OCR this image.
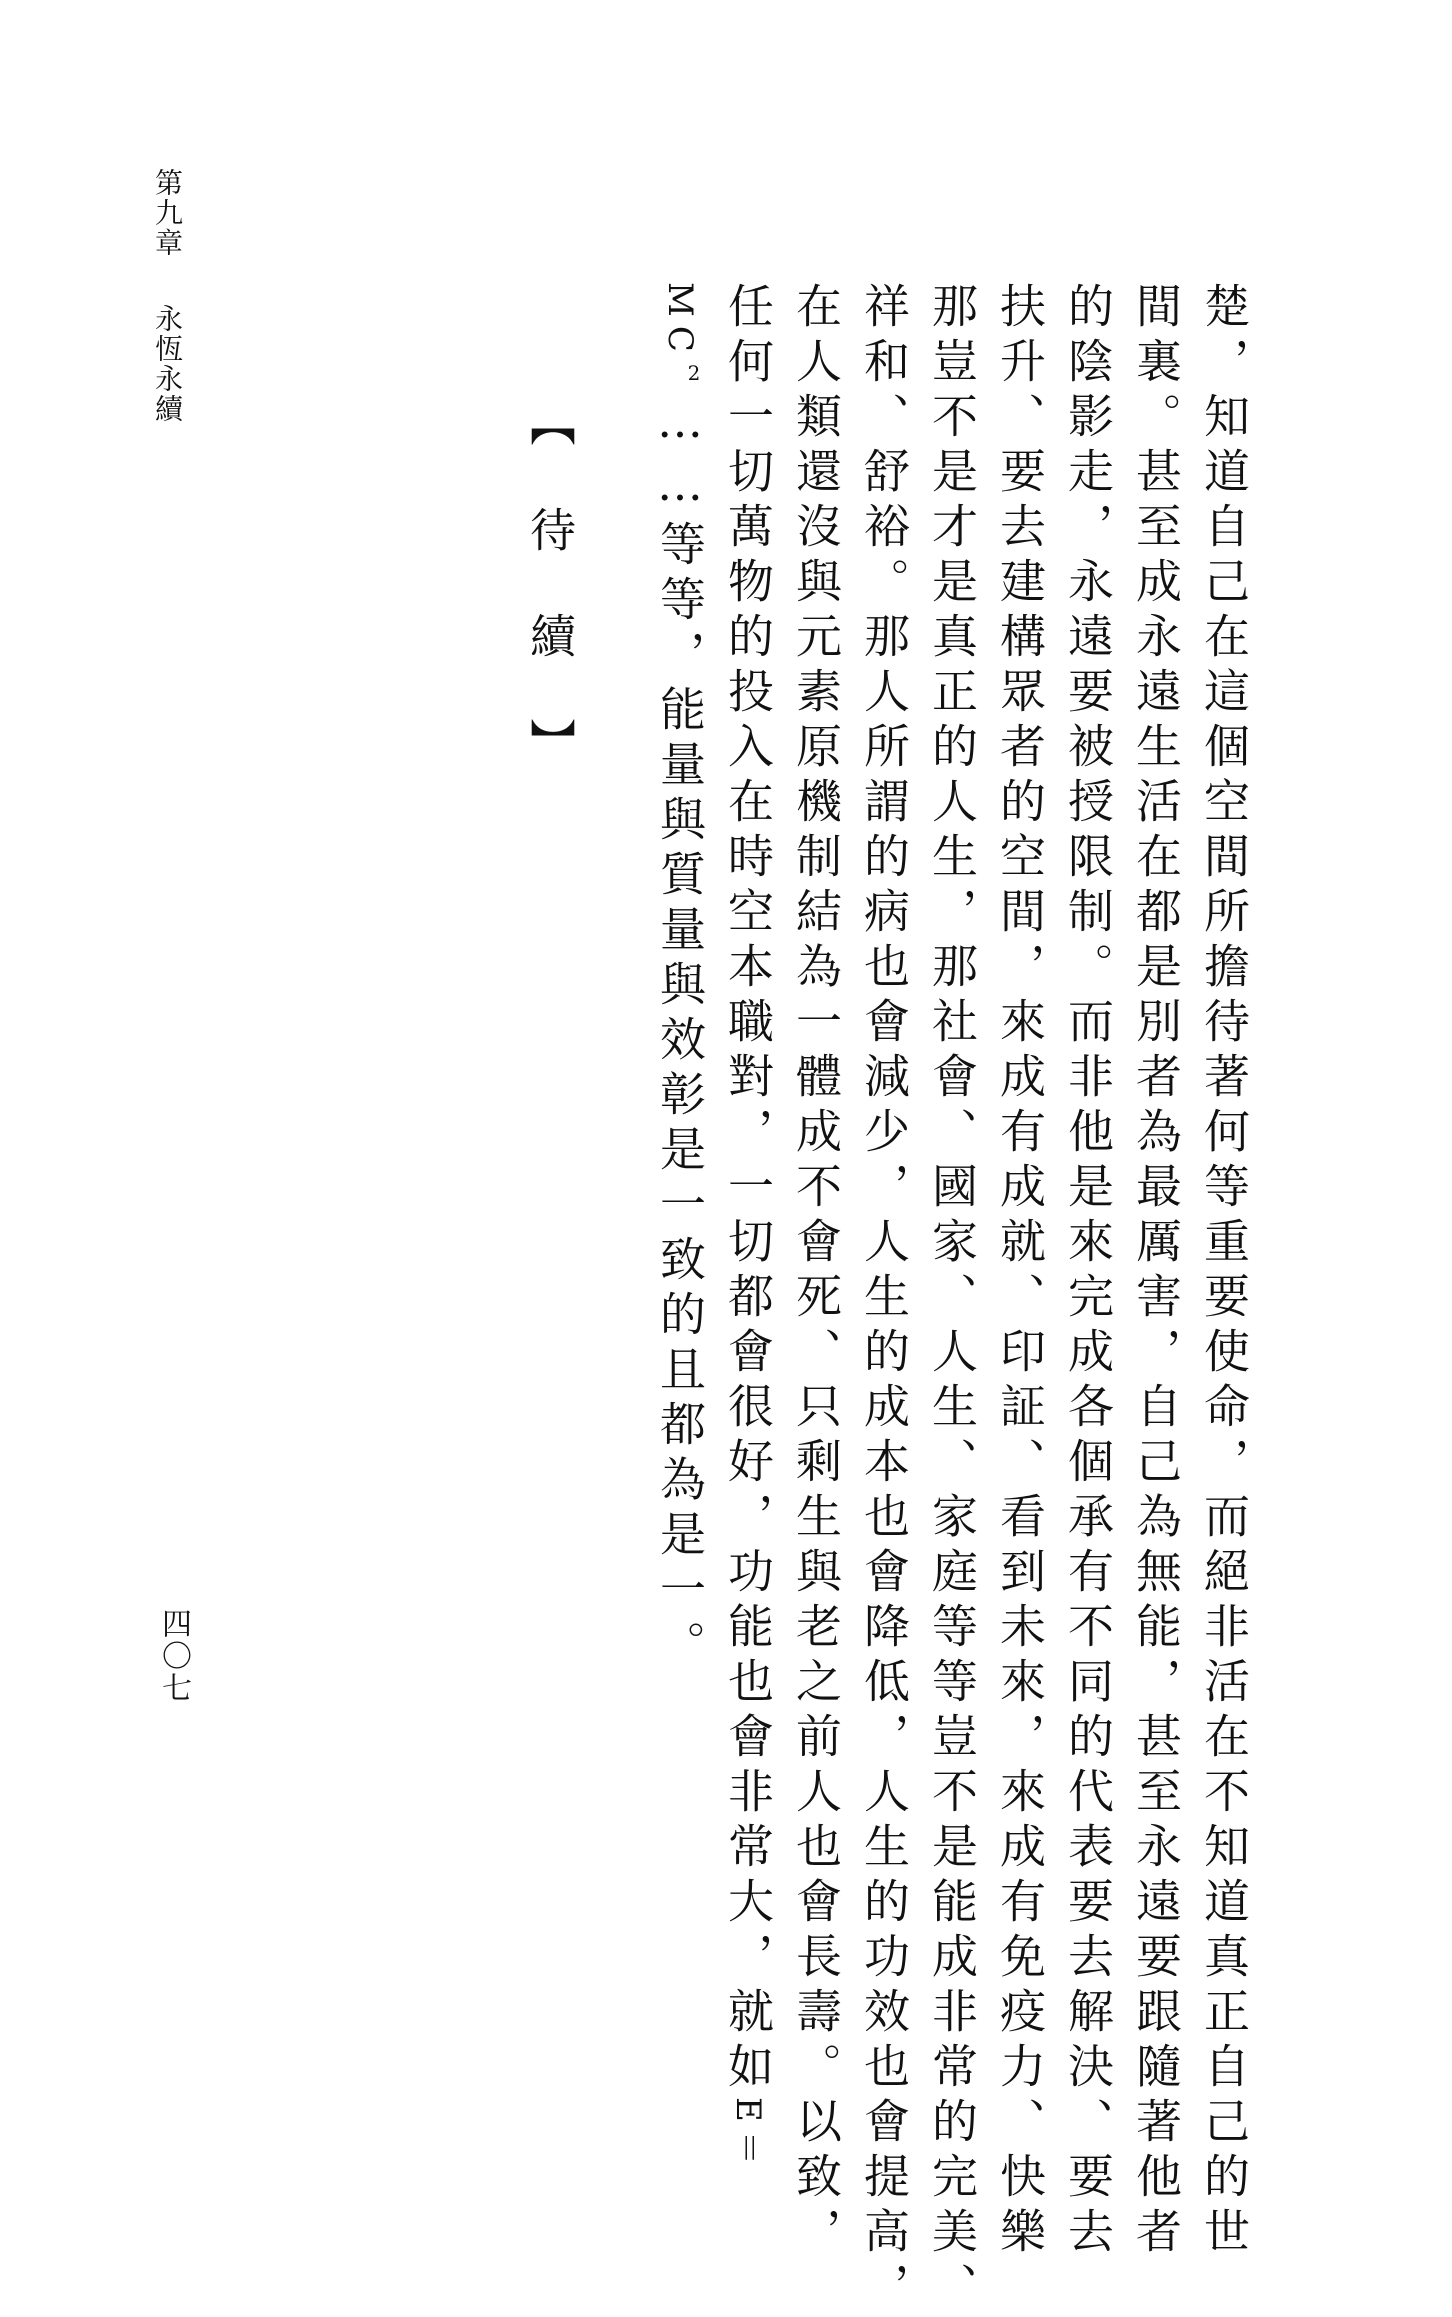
第九章永恆永續	楚，知道自己在這個空間所擔待著何等重要使命，而絕非活在不知道真正自己的世
間裏。甚至成永遠生活在都是別者為最厲害，自己為無能，甚至永遠要跟隨著他者
的陰影走，永遠要被授限制。而非他是來完成各個承有不同的代表要去解決、要去
扶升、要去建構眾者的空間，來成有成就、印証、看到未來，來成有免疫力、快樂
那豈不是才是真正的人生，那社會、國家、人生、家庭等等豈不是能成非常的完美、
祥和、舒裕。那人所謂的病也會減少，人生的成本也會降低，人生的功效也會提高，
在人類還沒與元素原機制結為一體成不會死、只剩生與老之前人也會長壽。以致，
任何一切萬物的投入在時空本職對，一切都會很好，功能也會非常大，就如E＝
MC2……等等，能量與質量與效彰是一致的且都為是一。
【待續】
四〇七
